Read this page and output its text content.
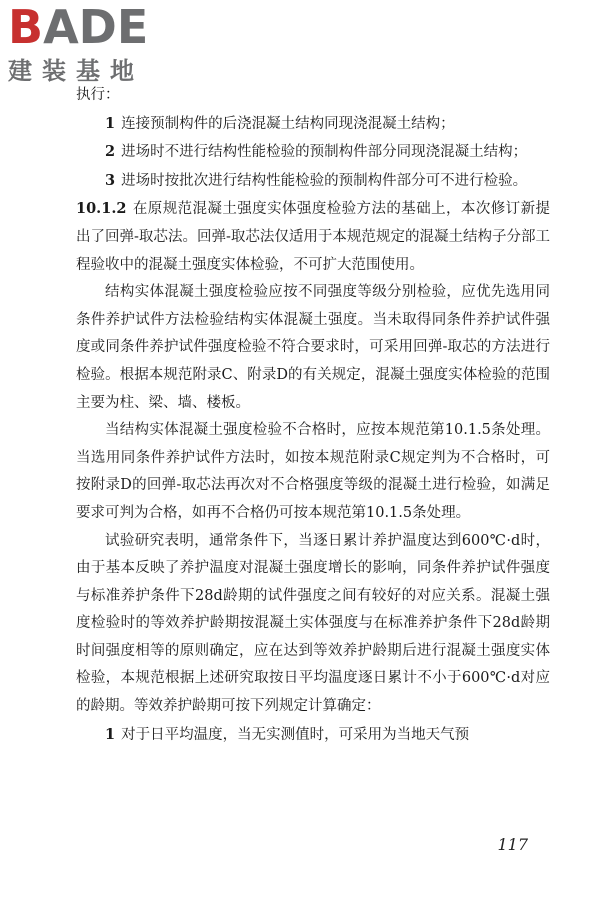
BADE
建装基地

执行：

1 连接预制构件的后浇混凝土结构同现浇混凝土结构；

2 进场时不进行结构性能检验的预制构件部分同现浇混凝土结构；

3 进场时按批次进行结构性能检验的预制构件部分可不进行检验。

10.1.2 在原规范混凝土强度实体强度检验方法的基础上，本次修订新提出了回弹-取芯法。回弹-取芯法仅适用于本规范规定的混凝土结构子分部工程验收中的混凝土强度实体检验，不可扩大范围使用。

结构实体混凝土强度检验应按不同强度等级分别检验，应优先选用同条件养护试件方法检验结构实体混凝土强度。当未取得同条件养护试件强度或同条件养护试件强度检验不符合要求时，可采用回弹-取芯的方法进行检验。根据本规范附录C、附录D的有关规定，混凝土强度实体检验的范围主要为柱、梁、墙、楼板。

当结构实体混凝土强度检验不合格时，应按本规范第10.1.5条处理。当选用同条件养护试件方法时，如按本规范附录C规定判为不合格时，可按附录D的回弹-取芯法再次对不合格强度等级的混凝土进行检验，如满足要求可判为合格，如再不合格仍可按本规范第10.1.5条处理。

试验研究表明，通常条件下，当逐日累计养护温度达到600℃·d时，由于基本反映了养护温度对混凝土强度增长的影响，同条件养护试件强度与标准养护条件下28d龄期的试件强度之间有较好的对应关系。混凝土强度检验时的等效养护龄期按混凝土实体强度与在标准养护条件下28d龄期时间强度相等的原则确定，应在达到等效养护龄期后进行混凝土强度实体检验，本规范根据上述研究取按日平均温度逐日累计不小于600℃·d对应的龄期。等效养护龄期可按下列规定计算确定：

1 对于日平均温度，当无实测值时，可采用为当地天气预

117
